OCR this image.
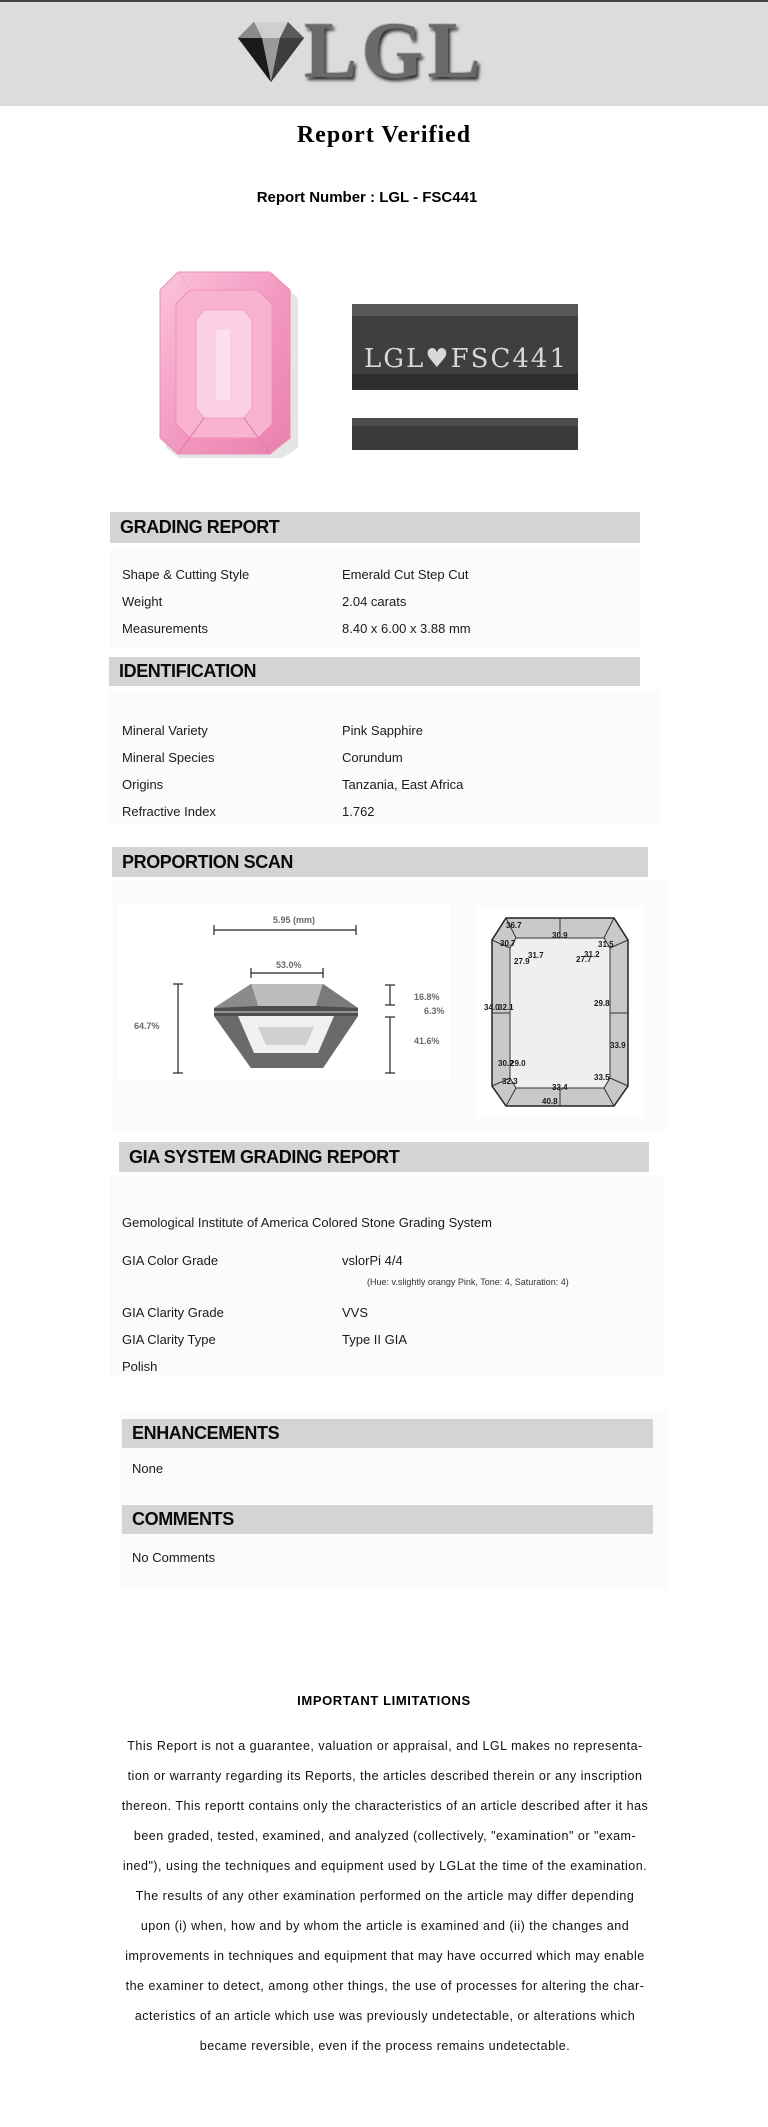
LGL
Report Verified
Report Number : LGL - FSC441
LGL♥FSC441
GRADING REPORT
Shape & Cutting Style	Emerald Cut Step Cut
Weight	2.04 carats
Measurements	8.40 x 6.00 x 3.88 mm
IDENTIFICATION
Mineral Variety	Pink Sapphire
Mineral Species	Corundum
Origins	Tanzania, East Africa
Refractive Index	1.762
PROPORTION SCAN
5.95 (mm)
53.0%
64.7%
16.8%
6.3%
41.6%
36.7
30.7
30.9
31.5
31.7
27.9	27.7
31.2
34.0
32.1	29.8
33.9
30.2
29.0
32.3
33.4
33.5
40.8
GIA SYSTEM GRADING REPORT
Gemological Institute of America Colored Stone Grading System
GIA Color Grade	vslorPi 4/4
(Hue: v.slightly orangy Pink, Tone: 4, Saturation: 4)
GIA Clarity Grade	VVS
GIA Clarity Type	Type II GIA
Polish
ENHANCEMENTS
None
COMMENTS
No Comments
IMPORTANT LIMITATIONS
This Report is not a guarantee, valuation or appraisal, and LGL makes no representa-
tion or warranty regarding its Reports, the articles described therein or any inscription
thereon. This reportt contains only the characteristics of an article described after it has
been graded, tested, examined, and analyzed (collectively, "examination" or "exam-
ined"), using the techniques and equipment used by LGLat the time of the examination.
The results of any other examination performed on the article may differ depending
upon (i) when, how and by whom the article is examined and (ii) the changes and
improvements in techniques and equipment that may have occurred which may enable
the examiner to detect, among other things, the use of processes for altering the char-
acteristics of an article which use was previously undetectable, or alterations which
became reversible, even if the process remains undetectable.
